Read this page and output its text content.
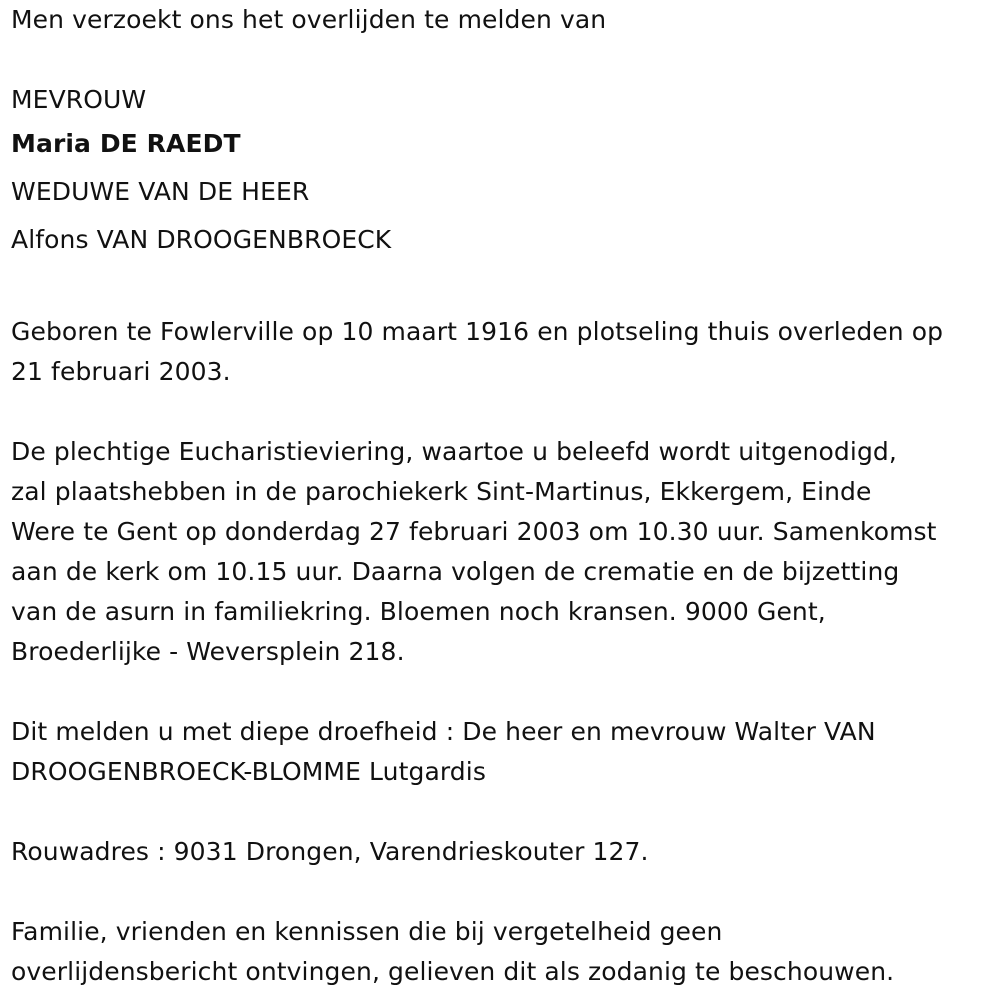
Men verzoekt ons het overlijden te melden van
MEVROUW
Maria DE RAEDT
WEDUWE VAN DE HEER
Alfons VAN DROOGENBROECK
Geboren te Fowlerville op 10 maart 1916 en plotseling thuis overleden op
21 februari 2003.
De plechtige Eucharistieviering, waartoe u beleefd wordt uitgenodigd,
zal plaatshebben in de parochiekerk Sint-Martinus, Ekkergem, Einde
Were te Gent op donderdag 27 februari 2003 om 10.30 uur. Samenkomst
aan de kerk om 10.15 uur. Daarna volgen de crematie en de bijzetting
van de asurn in familiekring. Bloemen noch kransen. 9000 Gent,
Broederlijke - Weversplein 218.
Dit melden u met diepe droefheid : De heer en mevrouw Walter VAN
DROOGENBROECK-BLOMME Lutgardis
Rouwadres : 9031 Drongen, Varendrieskouter 127.
Familie, vrienden en kennissen die bij vergetelheid geen
overlijdensbericht ontvingen, gelieven dit als zodanig te beschouwen.
